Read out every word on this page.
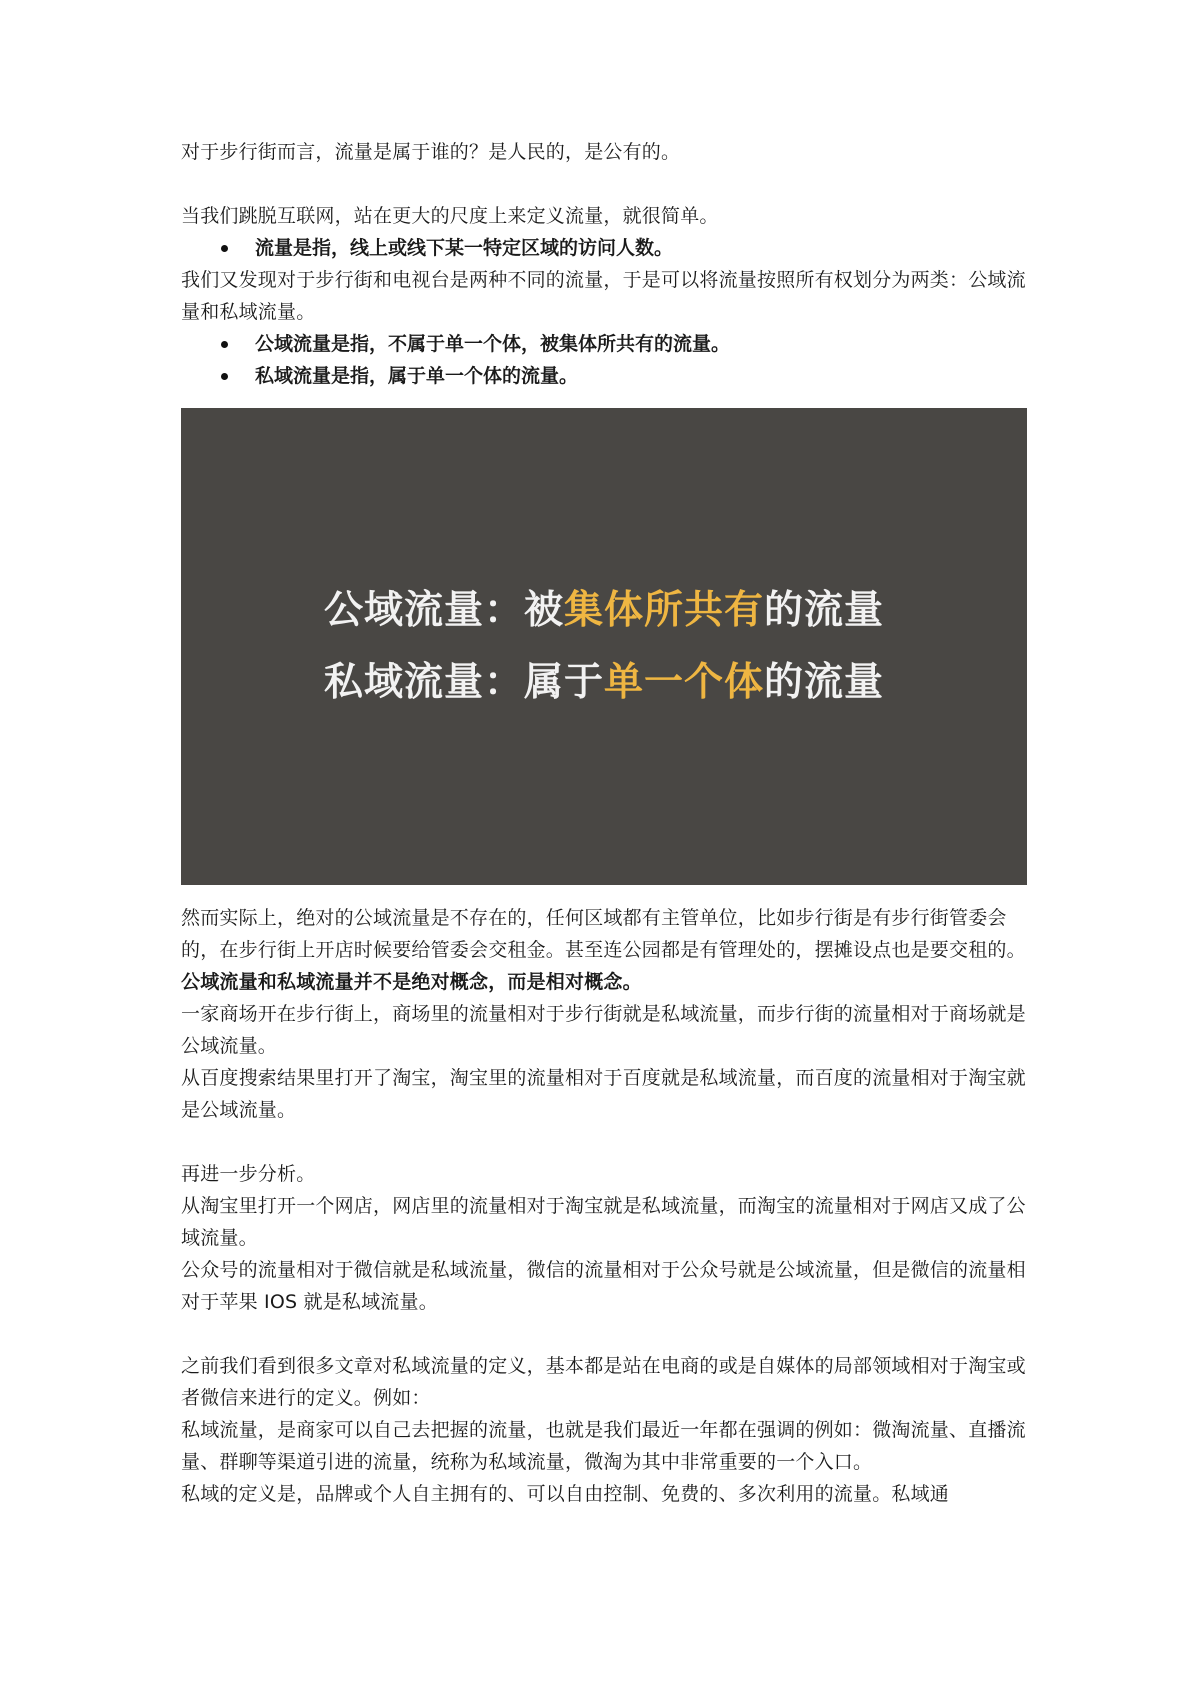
对于步行街而言，流量是属于谁的？是人民的，是公有的。

当我们跳脱互联网，站在更大的尺度上来定义流量，就很简单。

流量是指，线上或线下某一特定区域的访问人数。

我们又发现对于步行街和电视台是两种不同的流量，于是可以将流量按照所有权划分为两类：公域流量和私域流量。

公域流量是指，不属于单一个体，被集体所共有的流量。
私域流量是指，属于单一个体的流量。
公域流量：被集体所共有的流量
私域流量：属于单一个体的流量

然而实际上，绝对的公域流量是不存在的，任何区域都有主管单位，比如步行街是有步行街管委会的，在步行街上开店时候要给管委会交租金。甚至连公园都是有管理处的，摆摊设点也是要交租的。

公域流量和私域流量并不是绝对概念，而是相对概念。

一家商场开在步行街上，商场里的流量相对于步行街就是私域流量，而步行街的流量相对于商场就是公域流量。

从百度搜索结果里打开了淘宝，淘宝里的流量相对于百度就是私域流量，而百度的流量相对于淘宝就是公域流量。

再进一步分析。

从淘宝里打开一个网店，网店里的流量相对于淘宝就是私域流量，而淘宝的流量相对于网店又成了公域流量。

公众号的流量相对于微信就是私域流量，微信的流量相对于公众号就是公域流量，但是微信的流量相对于苹果 IOS 就是私域流量。

之前我们看到很多文章对私域流量的定义，基本都是站在电商的或是自媒体的局部领域相对于淘宝或者微信来进行的定义。例如：

私域流量，是商家可以自己去把握的流量，也就是我们最近一年都在强调的例如：微淘流量、直播流量、群聊等渠道引进的流量，统称为私域流量，微淘为其中非常重要的一个入口。

私域的定义是，品牌或个人自主拥有的、可以自由控制、免费的、多次利用的流量。私域通
